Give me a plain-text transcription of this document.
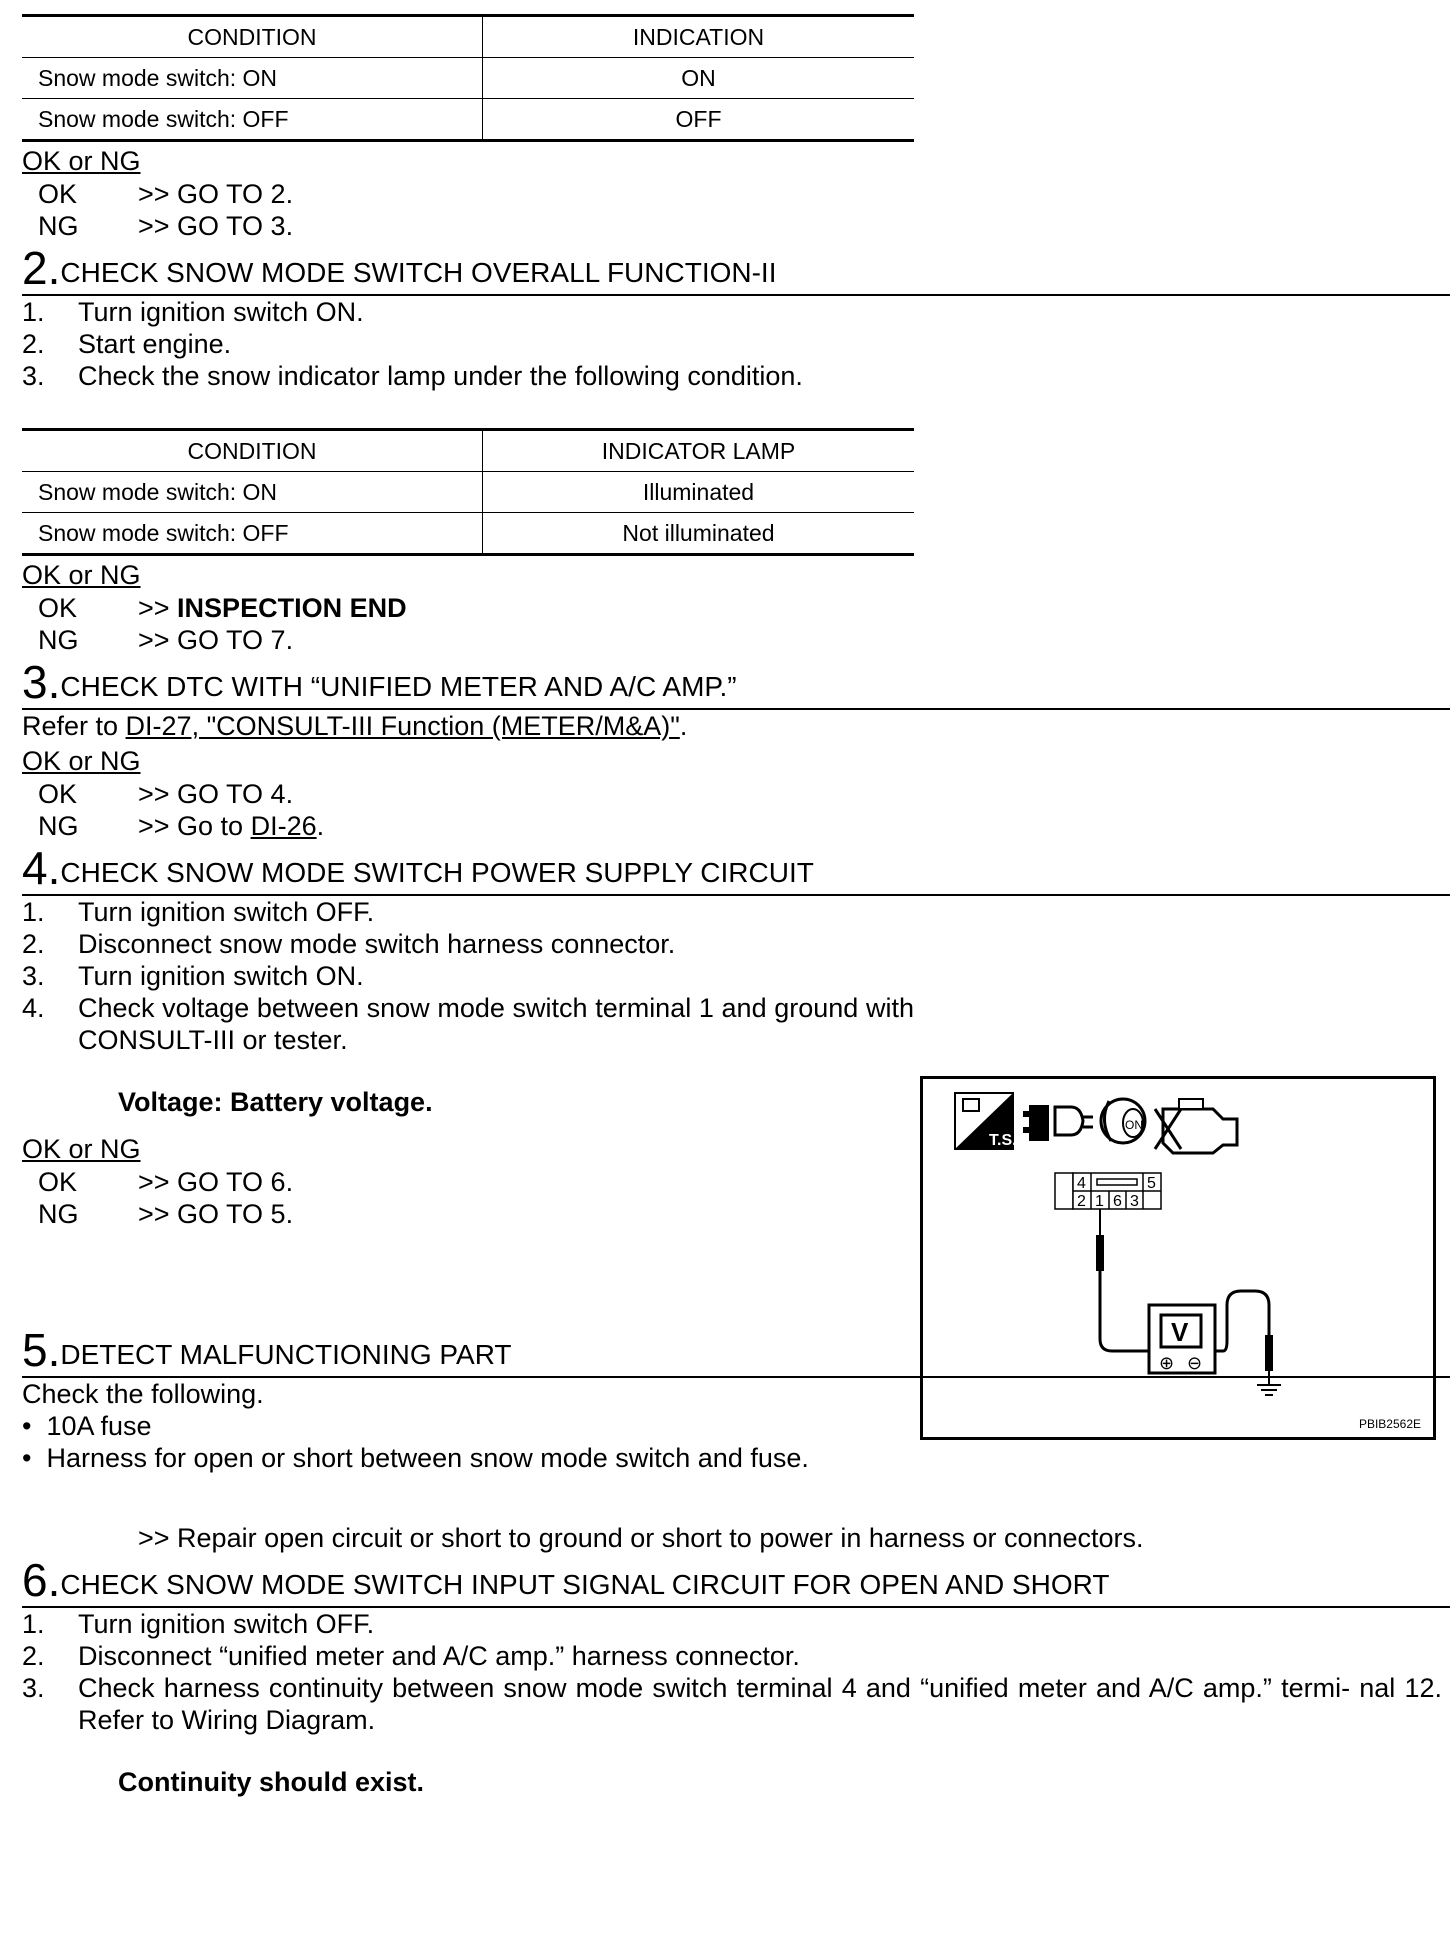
CONDITION	INDICATION
Snow mode switch: ON	ON
Snow mode switch: OFF	OFF
OK or NG
OK >> GO TO 2.
NG >> GO TO 3.
2.CHECK SNOW MODE SWITCH OVERALL FUNCTION-II
1. Turn ignition switch ON.
2. Start engine.
3. Check the snow indicator lamp under the following condition.
CONDITION	INDICATOR LAMP
Snow mode switch: ON	Illuminated
Snow mode switch: OFF	Not illuminated
OK or NG
OK >> INSPECTION END
NG >> GO TO 7.
3.CHECK DTC WITH “UNIFIED METER AND A/C AMP.”
Refer to DI-27, "CONSULT-III Function (METER/M&A)".
OK or NG
OK >> GO TO 4.
NG >> Go to DI-26.
4.CHECK SNOW MODE SWITCH POWER SUPPLY CIRCUIT
1. Turn ignition switch OFF.
2. Disconnect snow mode switch harness connector.
3. Turn ignition switch ON.
4. Check voltage between snow mode switch terminal 1 and ground with CONSULT-III or tester.
Voltage: Battery voltage.
OK or NG
OK >> GO TO 6.
NG >> GO TO 5.
5.DETECT MALFUNCTIONING PART
Check the following.
• 10A fuse
• Harness for open or short between snow mode switch and fuse.
>> Repair open circuit or short to ground or short to power in harness or connectors.
6.CHECK SNOW MODE SWITCH INPUT SIGNAL CIRCUIT FOR OPEN AND SHORT
1. Turn ignition switch OFF.
2. Disconnect “unified meter and A/C amp.” harness connector.
3. Check harness continuity between snow mode switch terminal 4 and “unified meter and A/C amp.” termi- nal 12. Refer to Wiring Diagram.
Continuity should exist.
T.S.
ON
4	5
2 1 6 3
V
⊕ ⊖
PBIB2562E
